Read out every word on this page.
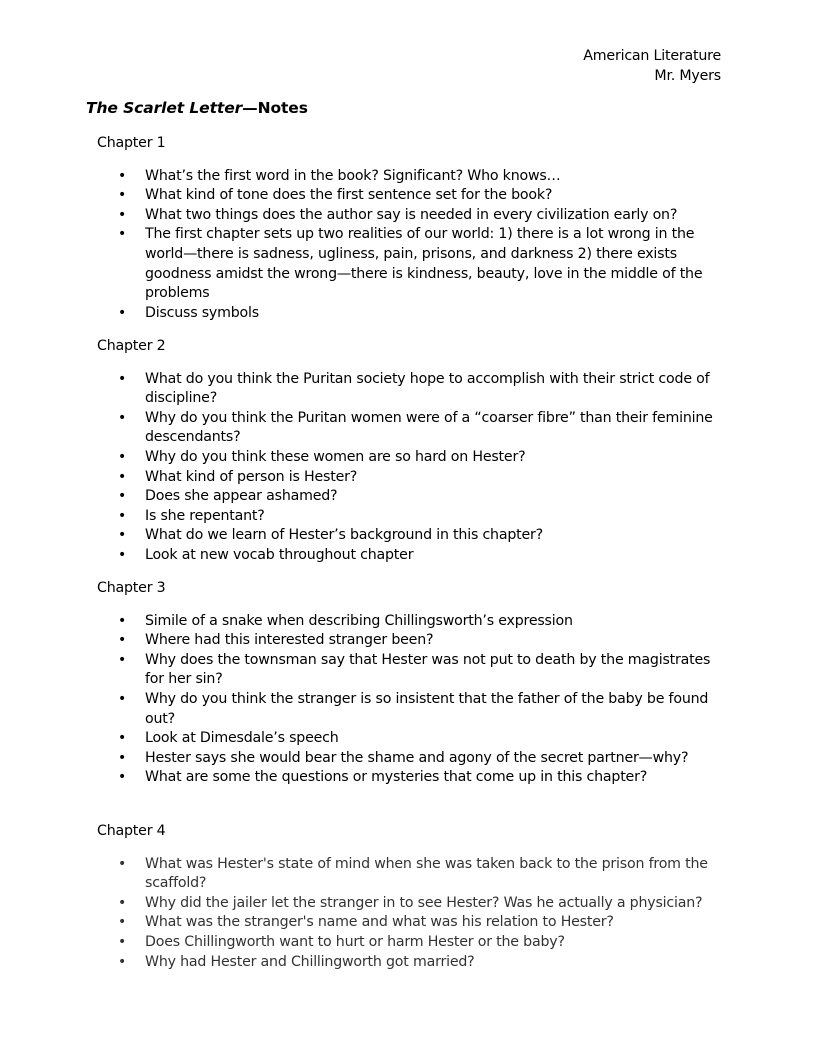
American Literature
Mr. Myers
The Scarlet Letter—Notes
Chapter 1
• What’s the first word in the book? Significant? Who knows…
• What kind of tone does the first sentence set for the book?
• What two things does the author say is needed in every civilization early on?
• The first chapter sets up two realities of our world: 1) there is a lot wrong in the world—there is sadness, ugliness, pain, prisons, and darkness 2) there exists goodness amidst the wrong—there is kindness, beauty, love in the middle of the problems
• Discuss symbols
Chapter 2
• What do you think the Puritan society hope to accomplish with their strict code of discipline?
• Why do you think the Puritan women were of a “coarser fibre” than their feminine descendants?
• Why do you think these women are so hard on Hester?
• What kind of person is Hester?
• Does she appear ashamed?
• Is she repentant?
• What do we learn of Hester’s background in this chapter?
• Look at new vocab throughout chapter
Chapter 3
• Simile of a snake when describing Chillingsworth’s expression
• Where had this interested stranger been?
• Why does the townsman say that Hester was not put to death by the magistrates for her sin?
• Why do you think the stranger is so insistent that the father of the baby be found out?
• Look at Dimesdale’s speech
• Hester says she would bear the shame and agony of the secret partner—why?
• What are some the questions or mysteries that come up in this chapter?
Chapter 4
• What was Hester's state of mind when she was taken back to the prison from the scaffold?
• Why did the jailer let the stranger in to see Hester? Was he actually a physician?
• What was the stranger's name and what was his relation to Hester?
• Does Chillingworth want to hurt or harm Hester or the baby?
• Why had Hester and Chillingworth got married?
